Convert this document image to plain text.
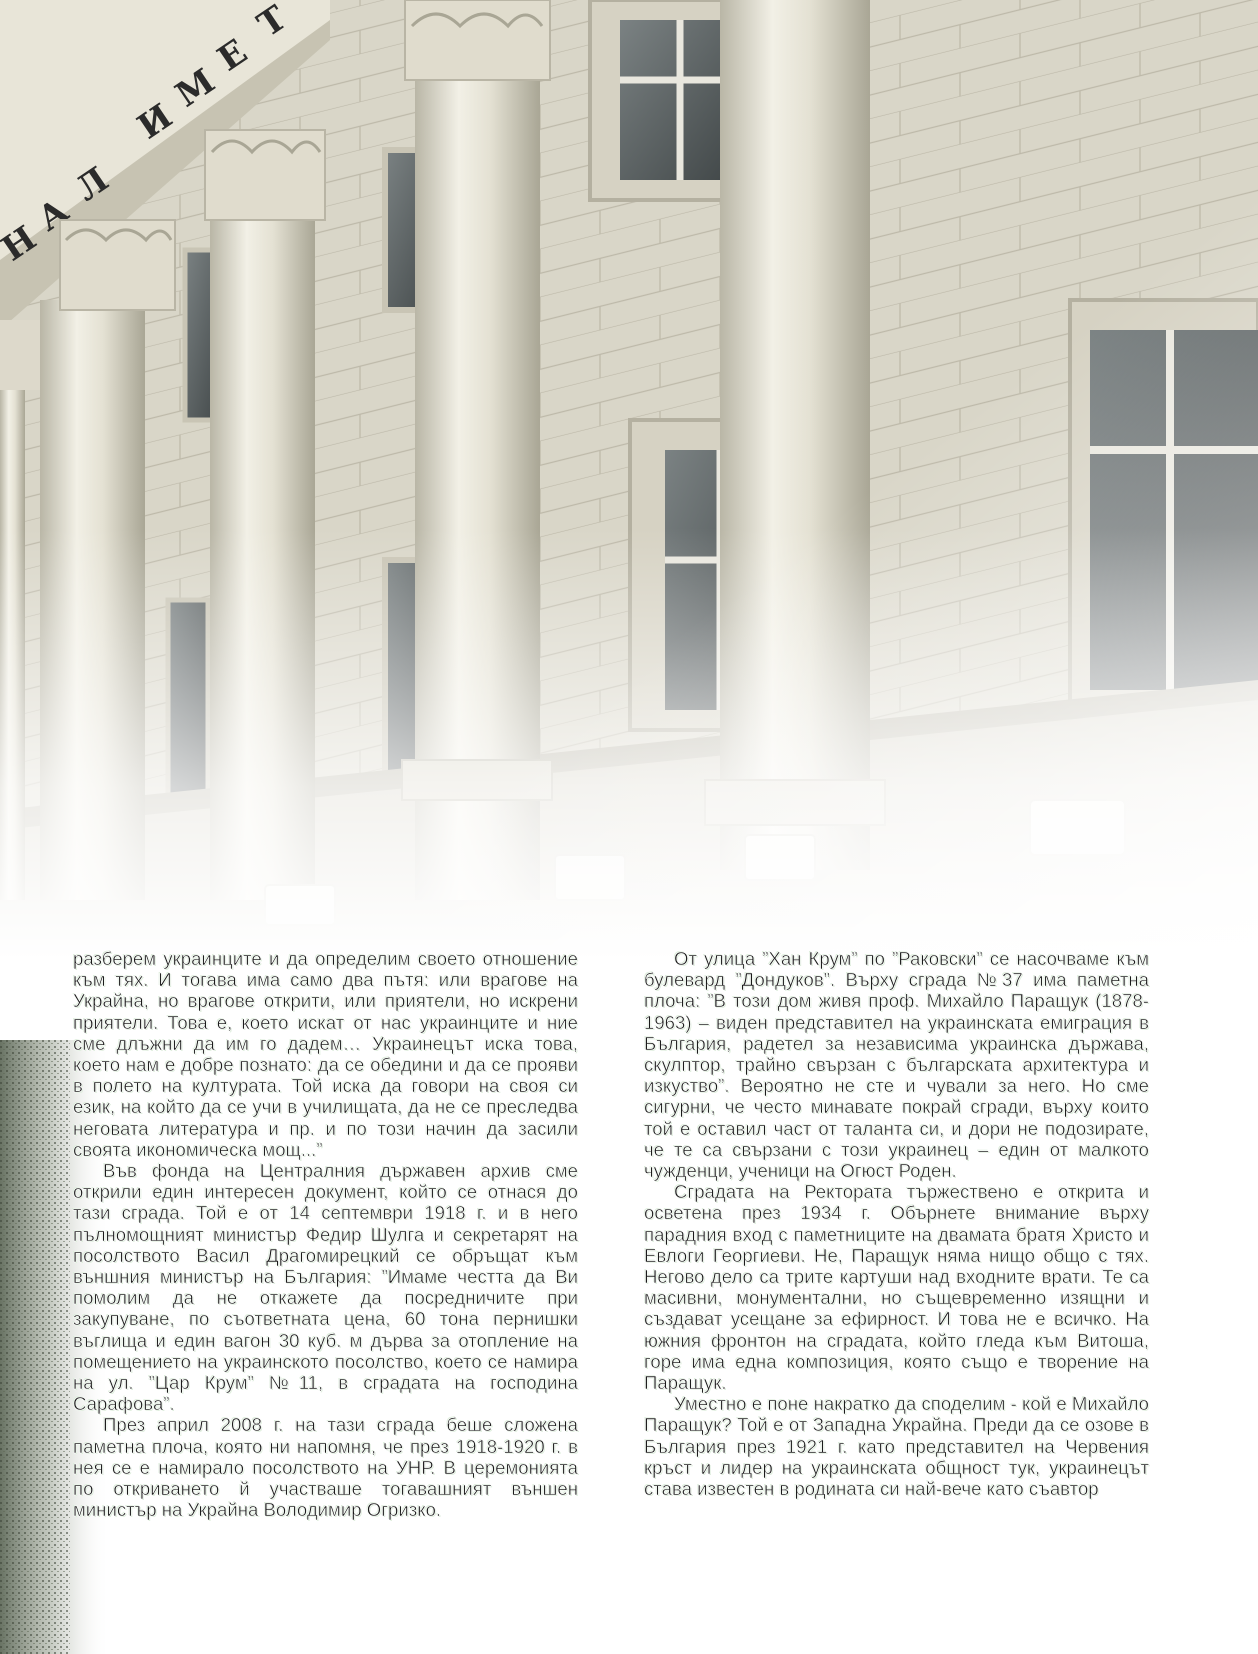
разберем украинците и да определим своето отношение към тях. И тогава има само два пътя: или врагове на Украйна, но врагове открити, или приятели, но искрени приятели. Това е, което искат от нас украинците и ние сме длъжни да им го дадем… Украинецът иска това, което нам е добре познато: да се обедини и да се прояви в полето на културата. Той иска да говори на своя си език, на който да се учи в училищата, да не се преследва неговата литература и пр. и по този начин да засили своята икономическа мощ...”

Във фонда на Централния държавен архив сме открили един интересен документ, който се отнася до тази сграда. Той е от 14 септември 1918 г. и в него пълномощният министър Федир Шулга и секретарят на посолството Васил Драгомирецкий се обръщат към външния министър на България: ”Имаме честта да Ви помолим да не откажете да посредничите при закупуване, по съответната цена, 60 тона пернишки въглища и един вагон 30 куб. м дърва за отопление на помещението на украинското посолство, което се намира на ул. ”Цар Крум” №11, в сградата на господина Сарафова”.

През април 2008 г. на тази сграда беше сложена паметна плоча, която ни напомня, че през 1918-1920 г. в нея се е намирало посолството на УНР. В церемонията по откриването й участваше тогавашният външен министър на Украйна Володимир Огризко.

От улица ”Хан Крум” по ”Раковски” се насочваме към булевард ”Дондуков”. Върху сграда №37 има паметна плоча: ”В този дом живя проф. Михайло Паращук (1878-1963) – виден представител на украинската емиграция в България, радетел за независима украинска държава, скулптор, трайно свързан с българската архитектура и изкуство”. Вероятно не сте и чували за него. Но сме сигурни, че често минавате покрай сгради, върху които той е оставил част от таланта си, и дори не подозирате, че те са свързани с този украинец – един от малкото чужденци, ученици на Огюст Роден.

Сградата на Ректората тържествено е открита и осветена през 1934 г. Обърнете внимание върху парадния вход с паметниците на двамата братя Христо и Евлоги Георгиеви. Не, Паращук няма нищо общо с тях. Негово дело са трите картуши над входните врати. Те са масивни, монументални, но същевременно изящни и създават усещане за ефирност. И това не е всичко. На южния фронтон на сградата, който гледа към Витоша, горе има една композиция, която също е творение на Паращук.

Уместно е поне накратко да споделим - кой е Михайло Паращук? Той е от Западна Украйна. Преди да се озове в България през 1921 г. като представител на Червения кръст и лидер на украинската общност тук, украинецът става известен в родината си най-вече като съавтор
